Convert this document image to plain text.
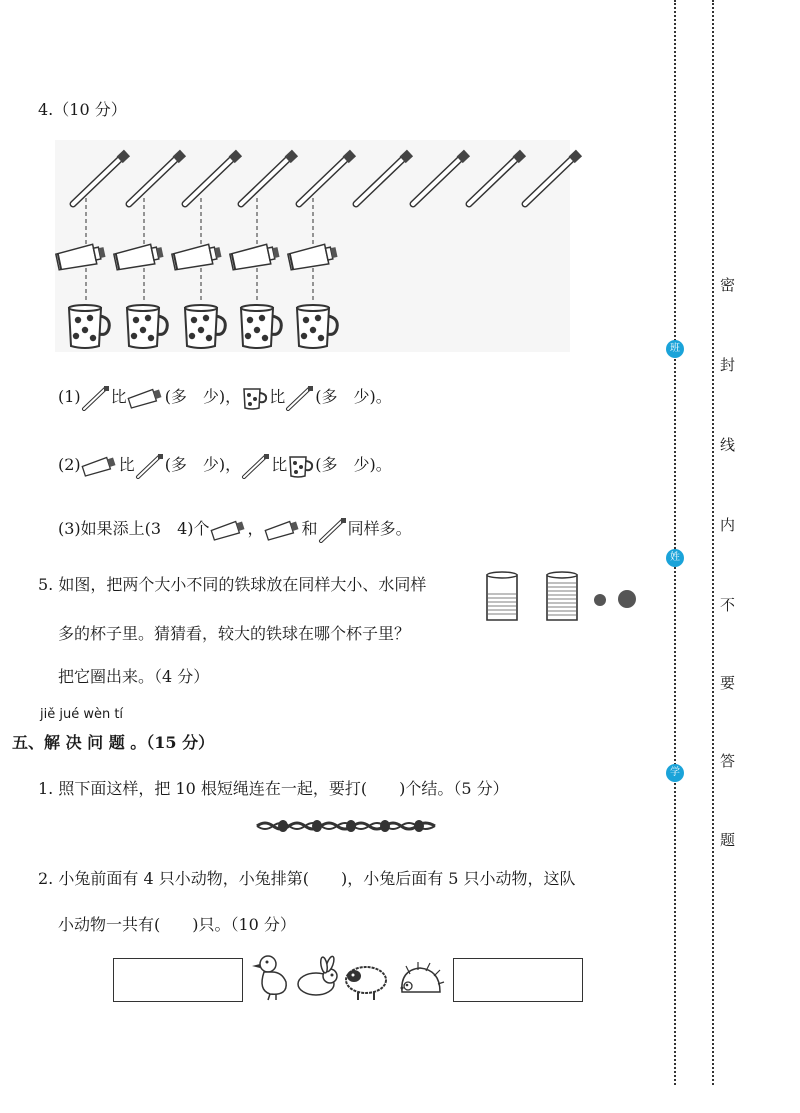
4.（10 分）
(1) 比 (多　少)， 比 (多　少)。
(2) 比 (多　少)， 比 (多　少)。
(3)如果添上(3　4)个 ， 和 同样多。
5. 如图，把两个大小不同的铁球放在同样大小、水同样
多的杯子里。猜猜看，较大的铁球在哪个杯子里？
把它圈出来。（4 分）
jiě jué wèn tí
五、解 决 问 题 。（15 分）
1. 照下面这样，把 10 根短绳连在一起，要打(　　)个结。（5 分）
2. 小兔前面有 4 只小动物，小兔排第(　　)，小兔后面有 5 只小动物，这队
小动物一共有(　　)只。（10 分）
班
姓
学
密
封
线
内
不
要
答
题
